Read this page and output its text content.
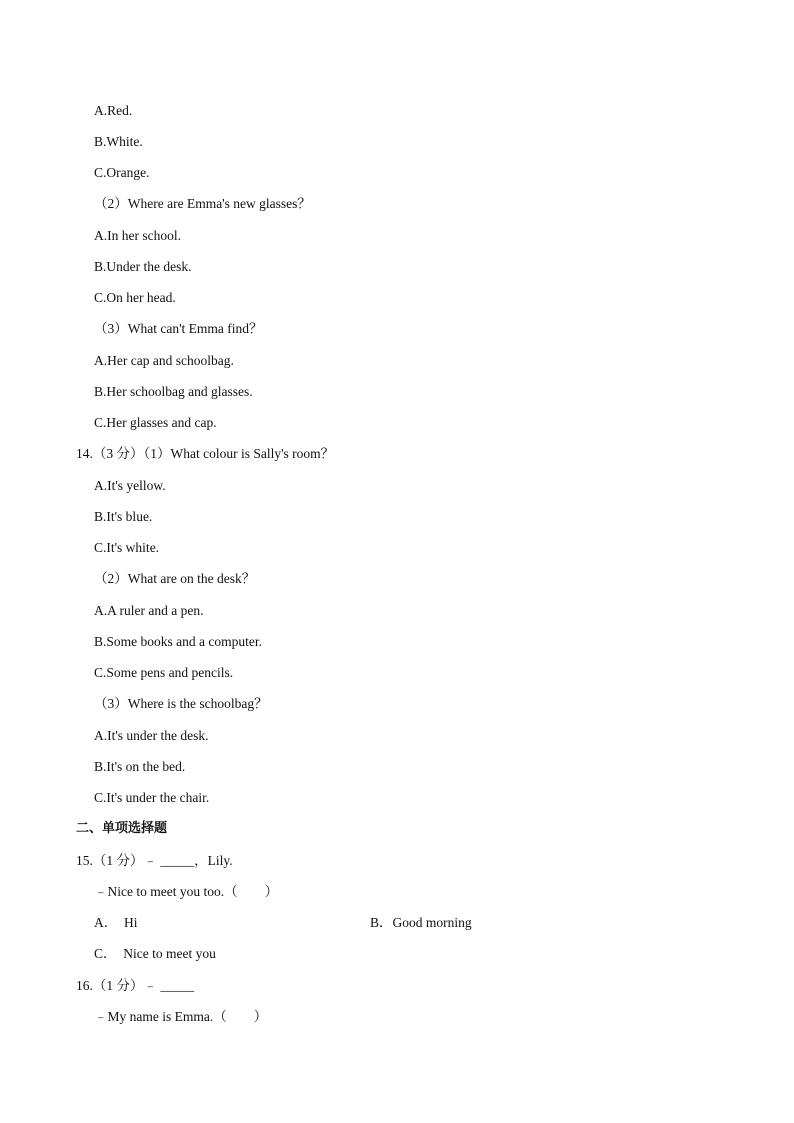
A.Red.
B.White.
C.Orange.
（2）Where are Emma's new glasses？
A.In her school.
B.Under the desk.
C.On her head.
（3）What can't Emma find？
A.Her cap and schoolbag.
B.Her schoolbag and glasses.
C.Her glasses and cap.
14.（3 分）（1）What colour is Sally's room？
A.It's yellow.
B.It's blue.
C.It's white.
（2）What are on the desk？
A.A ruler and a pen.
B.Some books and a computer.
C.Some pens and pencils.
（3）Where is the schoolbag？
A.It's under the desk.
B.It's on the bed.
C.It's under the chair.
二、单项选择题
15.（1 分）﹣ _____，Lily.
﹣Nice to meet you too.（　　）
A．  Hi	B．Good morning
C．  Nice to meet you
16.（1 分）﹣ _____
﹣My name is Emma.（　　）
